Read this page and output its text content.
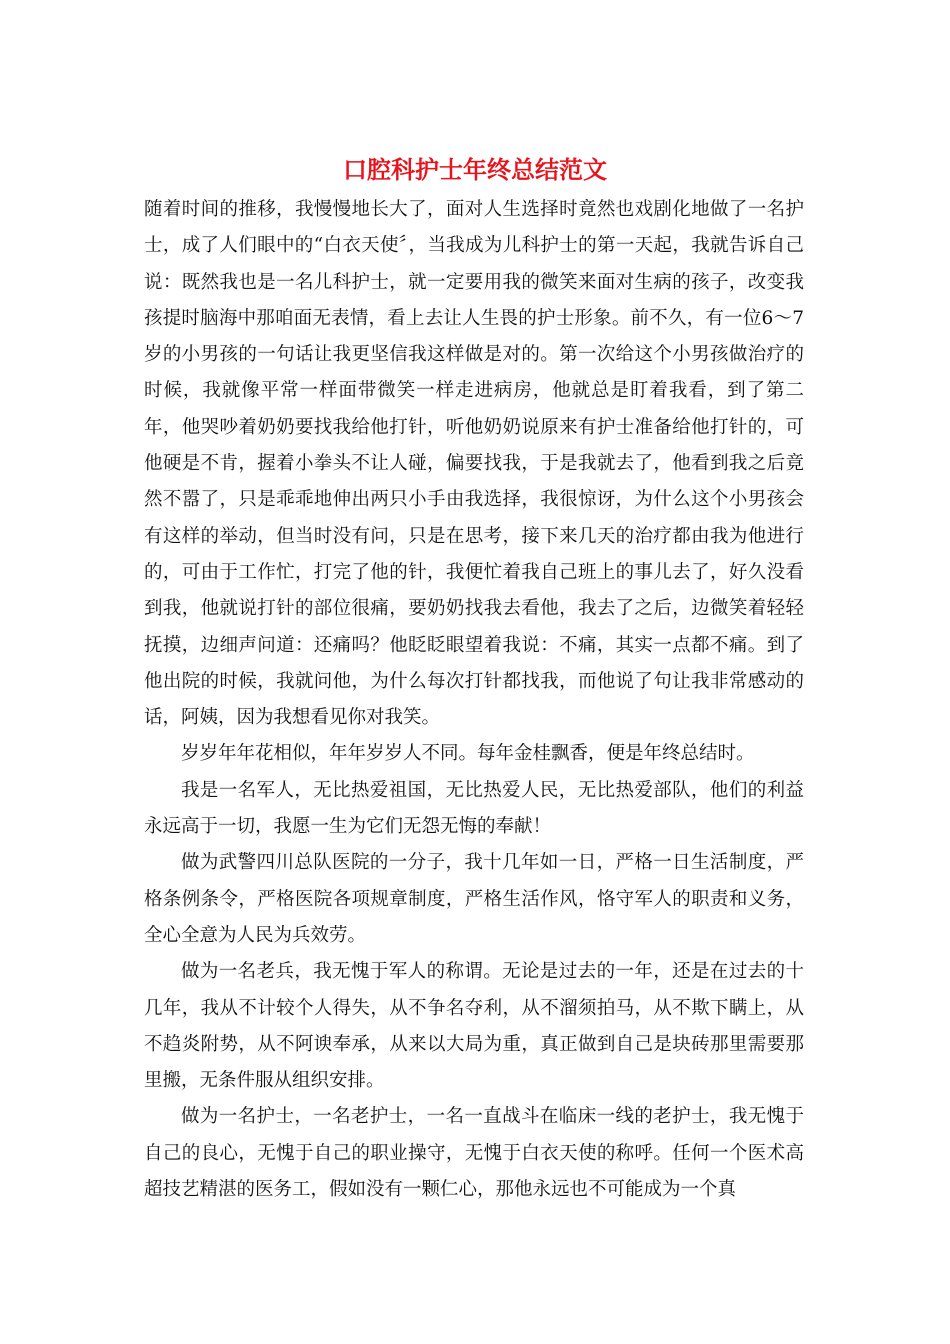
口腔科护士年终总结范文

随着时间的推移，我慢慢地长大了，面对人生选择时竟然也戏剧化地做了一名护士，成了人们眼中的“白衣天使〞，当我成为儿科护士的第一天起，我就告诉自己说：既然我也是一名儿科护士，就一定要用我的微笑来面对生病的孩子，改变我孩提时脑海中那咱面无表情，看上去让人生畏的护士形象。前不久，有一位6～7岁的小男孩的一句话让我更坚信我这样做是对的。第一次给这个小男孩做治疗的时候，我就像平常一样面带微笑一样走进病房，他就总是盯着我看，到了第二年，他哭吵着奶奶要找我给他打针，听他奶奶说原来有护士准备给他打针的，可他硬是不肯，握着小拳头不让人碰，偏要找我，于是我就去了，他看到我之后竟然不嚣了，只是乖乖地伸出两只小手由我选择，我很惊讶，为什么这个小男孩会有这样的举动，但当时没有问，只是在思考，接下来几天的治疗都由我为他进行的，可由于工作忙，打完了他的针，我便忙着我自己班上的事儿去了，好久没看到我，他就说打针的部位很痛，要奶奶找我去看他，我去了之后，边微笑着轻轻抚摸，边细声问道：还痛吗？他眨眨眼望着我说：不痛，其实一点都不痛。到了他出院的时候，我就问他，为什么每次打针都找我，而他说了句让我非常感动的话，阿姨，因为我想看见你对我笑。

岁岁年年花相似，年年岁岁人不同。每年金桂飘香，便是年终总结时。

我是一名军人，无比热爱祖国，无比热爱人民，无比热爱部队，他们的利益永远高于一切，我愿一生为它们无怨无悔的奉献！

做为武警四川总队医院的一分子，我十几年如一日，严格一日生活制度，严格条例条令，严格医院各项规章制度，严格生活作风，恪守军人的职责和义务，全心全意为人民为兵效劳。

做为一名老兵，我无愧于军人的称谓。无论是过去的一年，还是在过去的十几年，我从不计较个人得失，从不争名夺利，从不溜须拍马，从不欺下瞒上，从不趋炎附势，从不阿谀奉承，从来以大局为重，真正做到自己是块砖那里需要那里搬，无条件服从组织安排。

做为一名护士，一名老护士，一名一直战斗在临床一线的老护士，我无愧于自己的良心，无愧于自己的职业操守，无愧于白衣天使的称呼。任何一个医术高超技艺精湛的医务工，假如没有一颗仁心，那他永远也不可能成为一个真
